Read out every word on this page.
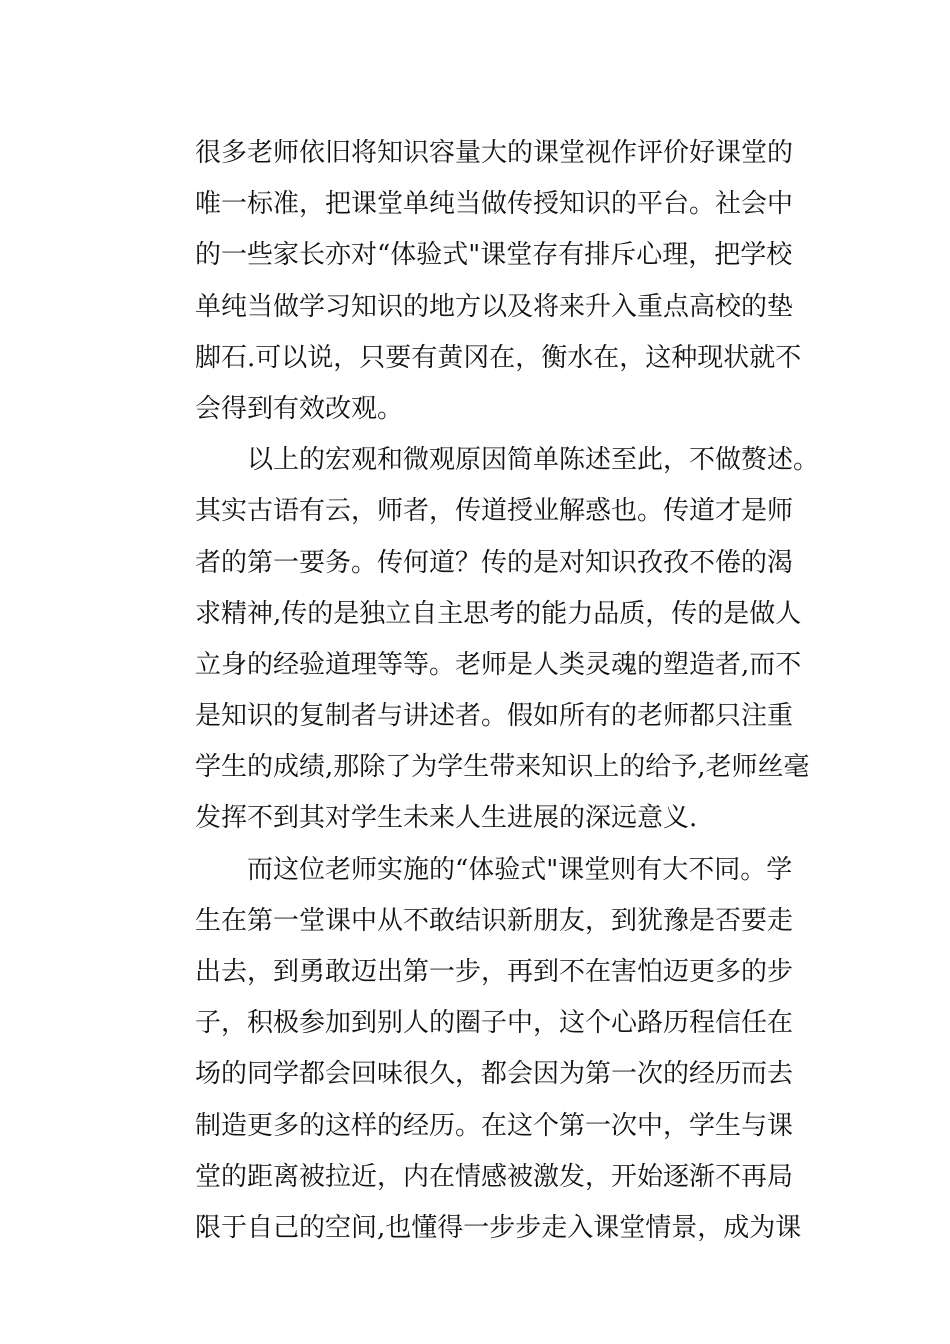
很多老师依旧将知识容量大的课堂视作评价好课堂的
唯一标准，把课堂单纯当做传授知识的平台。社会中
的一些家长亦对“体验式"课堂存有排斥心理，把学校
单纯当做学习知识的地方以及将来升入重点高校的垫
脚石.可以说，只要有黄冈在，衡水在，这种现状就不
会得到有效改观。
　　以上的宏观和微观原因简单陈述至此，不做赘述。
其实古语有云，师者，传道授业解惑也。传道才是师
者的第一要务。传何道？传的是对知识孜孜不倦的渴
求精神,传的是独立自主思考的能力品质，传的是做人
立身的经验道理等等。老师是人类灵魂的塑造者,而不
是知识的复制者与讲述者。假如所有的老师都只注重
学生的成绩,那除了为学生带来知识上的给予,老师丝毫
发挥不到其对学生未来人生进展的深远意义.
　　而这位老师实施的“体验式"课堂则有大不同。学
生在第一堂课中从不敢结识新朋友，到犹豫是否要走
出去，到勇敢迈出第一步，再到不在害怕迈更多的步
子，积极参加到别人的圈子中，这个心路历程信任在
场的同学都会回味很久，都会因为第一次的经历而去
制造更多的这样的经历。在这个第一次中，学生与课
堂的距离被拉近，内在情感被激发，开始逐渐不再局
限于自己的空间,也懂得一步步走入课堂情景，成为课
